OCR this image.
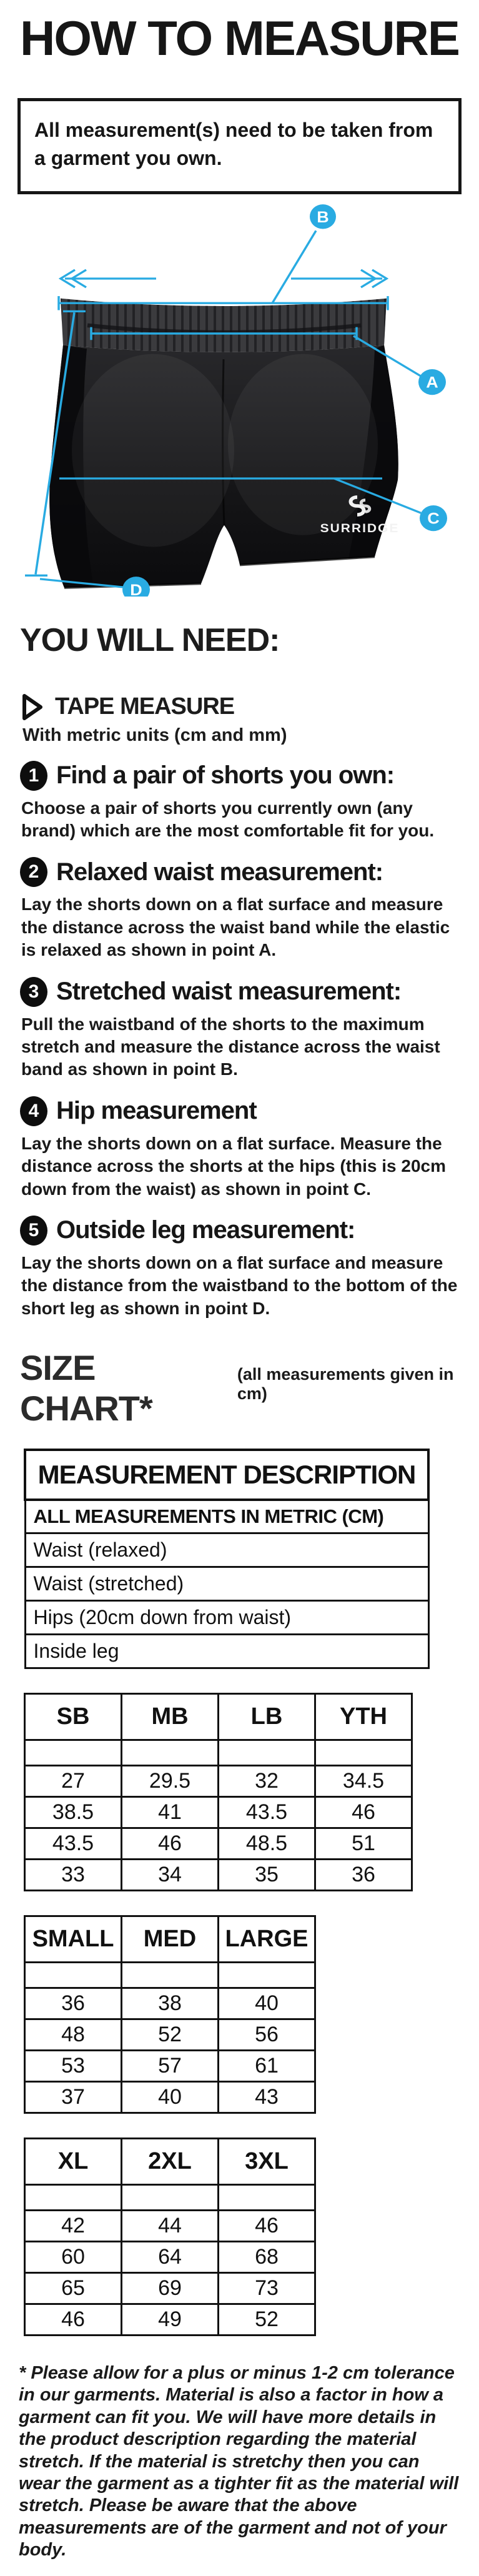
HOW TO MEASURE
All measurement(s) need to be taken from a garment you own.
SURRIDGE
B
A
C
D
YOU WILL NEED:
TAPE MEASURE
With metric units (cm and mm)
1 Find a pair of shorts you own:
Choose a pair of shorts you currently own (any brand) which are the most comfortable fit for you.
2 Relaxed waist measurement:
Lay the shorts down on a flat surface and measure the distance across the waist band while the elastic is relaxed as shown in point A.
3 Stretched waist measurement:
Pull the waistband of the shorts to the maximum stretch and measure the distance across the waist band as shown in point B.
4 Hip measurement
Lay the shorts down on a flat surface. Measure the distance across the shorts at the hips (this is 20cm down from the waist) as shown in point C.
5 Outside leg measurement:
Lay the shorts down on a flat surface and measure the distance from the waistband to the bottom of the short leg as shown in point D.
SIZE CHART*
(all measurements given in cm)
MEASUREMENT DESCRIPTION
ALL MEASUREMENTS IN METRIC (CM)
Waist (relaxed)
Waist (stretched)
Hips (20cm down from waist)
Inside leg
SB	MB	LB	YTH

27	29.5	32	34.5
38.5	41	43.5	46
43.5	46	48.5	51
33	34	35	36
SMALL	MED	LARGE

36	38	40
48	52	56
53	57	61
37	40	43
XL	2XL	3XL

42	44	46
60	64	68
65	69	73
46	49	52
* Please allow for a plus or minus 1-2 cm tolerance in our garments. Material is also a factor in how a garment can fit you. We will have more details in the product description regarding the material stretch. If the material is stretchy then you can wear the garment as a tighter fit as the material will stretch. Please be aware that the above measurements are of the garment and not of your body.
